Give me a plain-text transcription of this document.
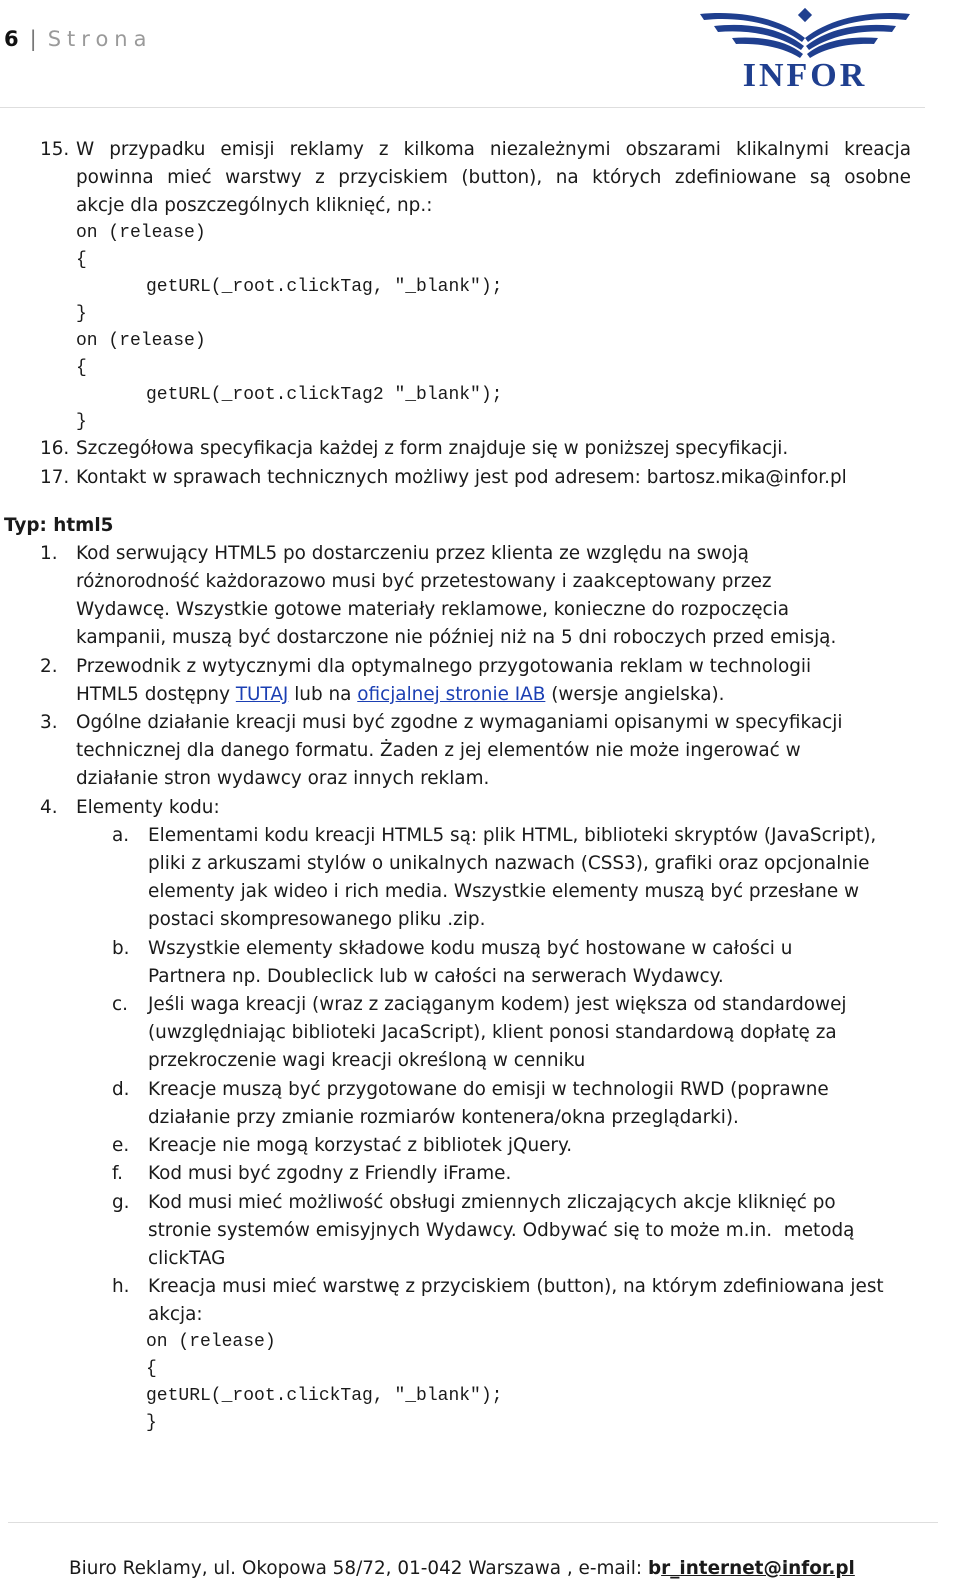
6 | Strona
INFOR
15. W przypadku emisji reklamy z kilkoma niezależnymi obszarami klikalnymi kreacja
powinna mieć warstwy z przyciskiem (button), na których zdefiniowane są osobne
akcje dla poszczególnych kliknięć, np.:
on (release)
{
getURL(_root.clickTag, "_blank");
}
on (release)
{
getURL(_root.clickTag2 "_blank");
}
16. Szczegółowa specyfikacja każdej z form znajduje się w poniższej specyfikacji.
17. Kontakt w sprawach technicznych możliwy jest pod adresem: bartosz.mika@infor.pl
Typ: html5
1. Kod serwujący HTML5 po dostarczeniu przez klienta ze względu na swoją
różnorodność każdorazowo musi być przetestowany i zaakceptowany przez
Wydawcę. Wszystkie gotowe materiały reklamowe, konieczne do rozpoczęcia
kampanii, muszą być dostarczone nie później niż na 5 dni roboczych przed emisją.
2. Przewodnik z wytycznymi dla optymalnego przygotowania reklam w technologii
HTML5 dostępny TUTAJ lub na oficjalnej stronie IAB (wersje angielska).
3. Ogólne działanie kreacji musi być zgodne z wymaganiami opisanymi w specyfikacji
technicznej dla danego formatu. Żaden z jej elementów nie może ingerować w
działanie stron wydawcy oraz innych reklam.
4. Elementy kodu:
a. Elementami kodu kreacji HTML5 są: plik HTML, biblioteki skryptów (JavaScript),
pliki z arkuszami stylów o unikalnych nazwach (CSS3), grafiki oraz opcjonalnie
elementy jak wideo i rich media. Wszystkie elementy muszą być przesłane w
postaci skompresowanego pliku .zip.
b. Wszystkie elementy składowe kodu muszą być hostowane w całości u
Partnera np. Doubleclick lub w całości na serwerach Wydawcy.
c. Jeśli waga kreacji (wraz z zaciąganym kodem) jest większa od standardowej
(uwzględniając biblioteki JacaScript), klient ponosi standardową dopłatę za
przekroczenie wagi kreacji określoną w cenniku
d. Kreacje muszą być przygotowane do emisji w technologii RWD (poprawne
działanie przy zmianie rozmiarów kontenera/okna przeglądarki).
e. Kreacje nie mogą korzystać z bibliotek jQuery.
f. Kod musi być zgodny z Friendly iFrame.
g. Kod musi mieć możliwość obsługi zmiennych zliczających akcje kliknięć po
stronie systemów emisyjnych Wydawcy. Odbywać się to może m.in.  metodą
clickTAG
h. Kreacja musi mieć warstwę z przyciskiem (button), na którym zdefiniowana jest
akcja:
on (release)
{
getURL(_root.clickTag, "_blank");
}
Biuro Reklamy, ul. Okopowa 58/72, 01-042 Warszawa , e-mail: br_internet@infor.pl
